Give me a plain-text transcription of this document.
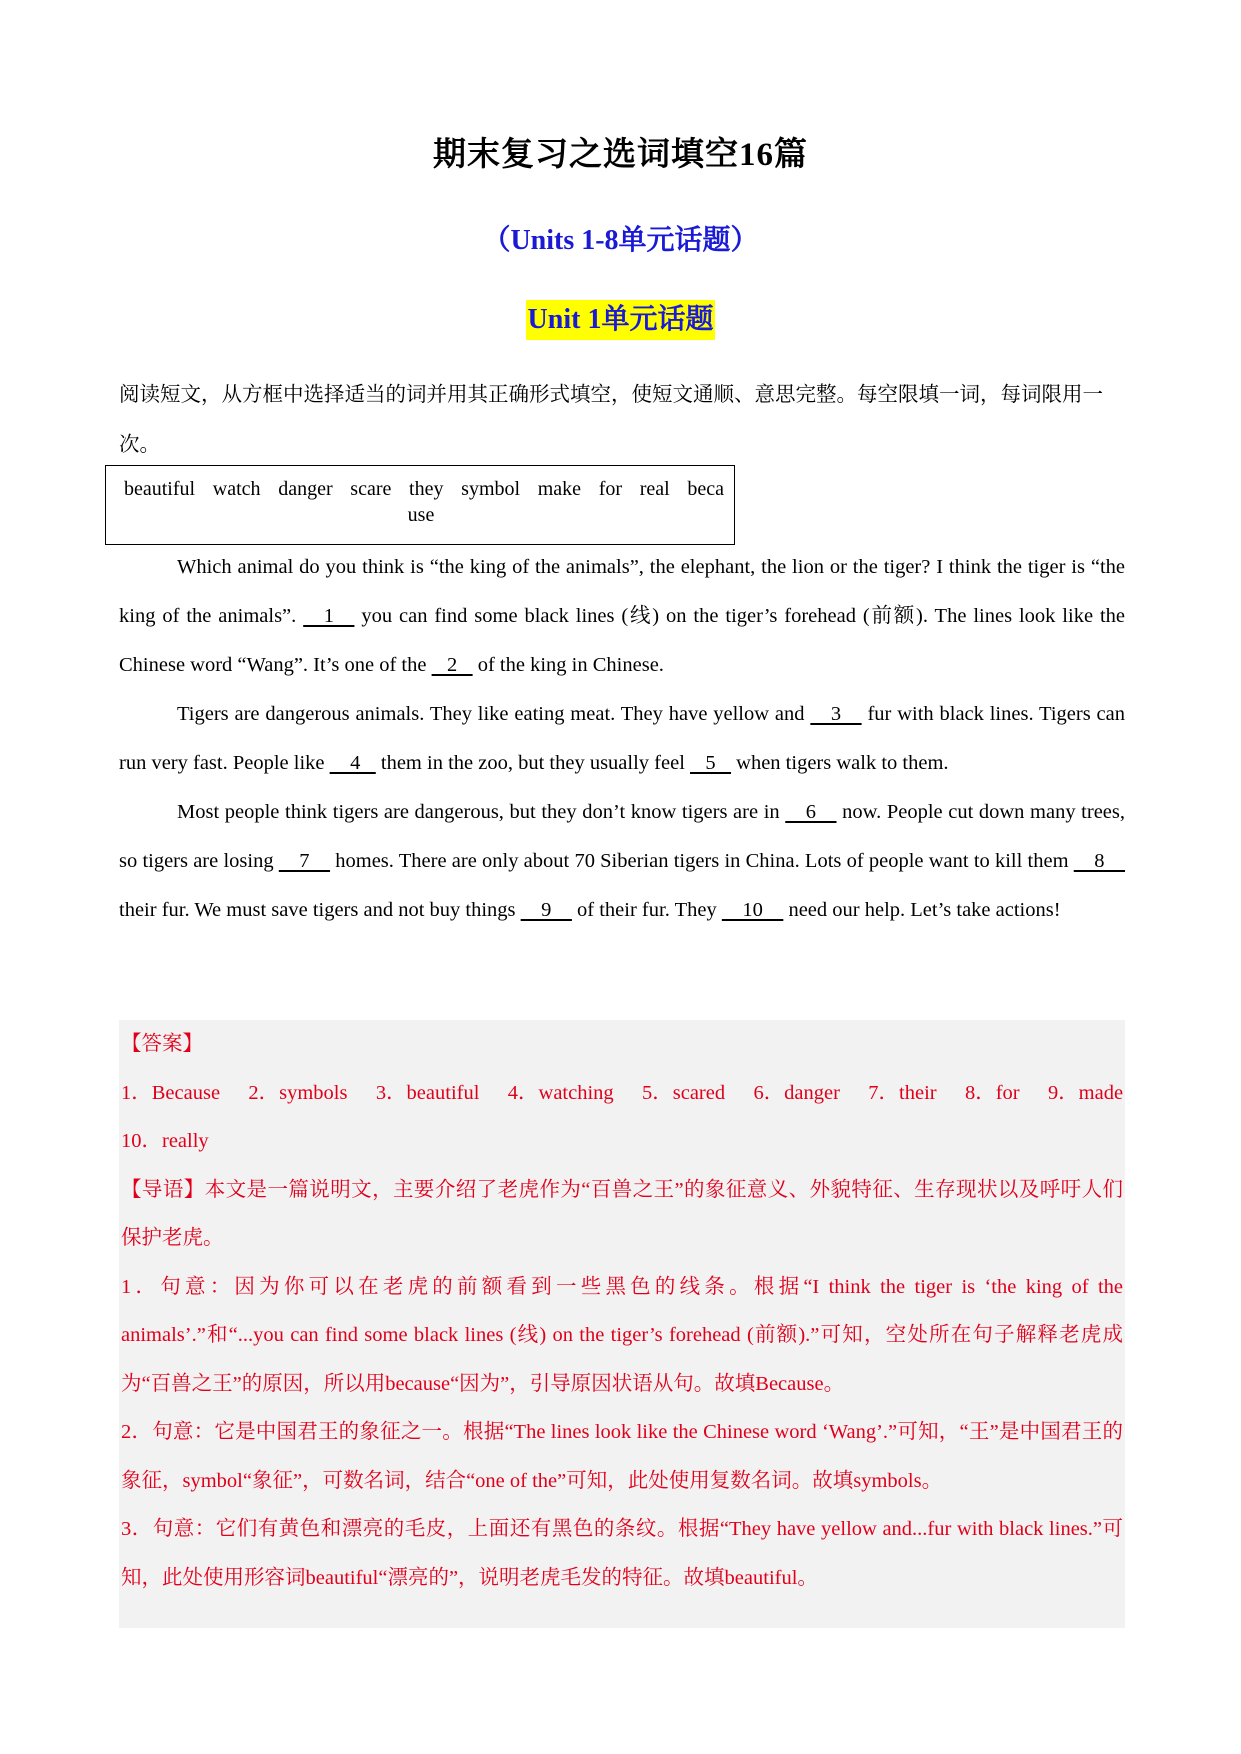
期末复习之选词填空16篇
（Units 1-8单元话题）
Unit 1单元话题
阅读短文，从方框中选择适当的词并用其正确形式填空，使短文通顺、意思完整。每空限填一词，每词限用一次。
beautiful watch danger scare they symbol make for real beca
use

Which animal do you think is “the king of the animals”, the elephant, the lion or the tiger? I think the tiger is “the king of the animals”.     1     you can find some black lines (线) on the tiger’s forehead (前额). The lines look like the Chinese word “Wang”. It’s one of the    2    of the king in Chinese.

Tigers are dangerous animals. They like eating meat. They have yellow and     3     fur with black lines. Tigers can run very fast. People like     4    them in the zoo, but they usually feel    5    when tigers walk to them.

Most people think tigers are dangerous, but they don’t know tigers are in     6     now. People cut down many trees, so tigers are losing     7     homes. There are only about 70 Siberian tigers in China. Lots of people want to kill them     8     their fur. We must save tigers and not buy things     9     of their fur. They     10     need our help. Let’s take actions!

【答案】

1．Because 2．symbols 3．beautiful 4．watching 5．scared 6．danger 7．their 8．for 9．made

10．really

【导语】本文是一篇说明文，主要介绍了老虎作为“百兽之王”的象征意义、外貌特征、生存现状以及呼吁人们保护老虎。

1．句意：因为你可以在老虎的前额看到一些黑色的线条。根据“I think the tiger is ‘the king of the animals’.”和“...you can find some black lines (线) on the tiger’s forehead (前额).”可知，空处所在句子解释老虎成为“百兽之王”的原因，所以用because“因为”，引导原因状语从句。故填Because。

2．句意：它是中国君王的象征之一。根据“The lines look like the Chinese word ‘Wang’.”可知，“王”是中国君王的象征，symbol“象征”，可数名词，结合“one of the”可知，此处使用复数名词。故填symbols。

3．句意：它们有黄色和漂亮的毛皮，上面还有黑色的条纹。根据“They have yellow and...fur with black lines.”可知，此处使用形容词beautiful“漂亮的”，说明老虎毛发的特征。故填beautiful。
